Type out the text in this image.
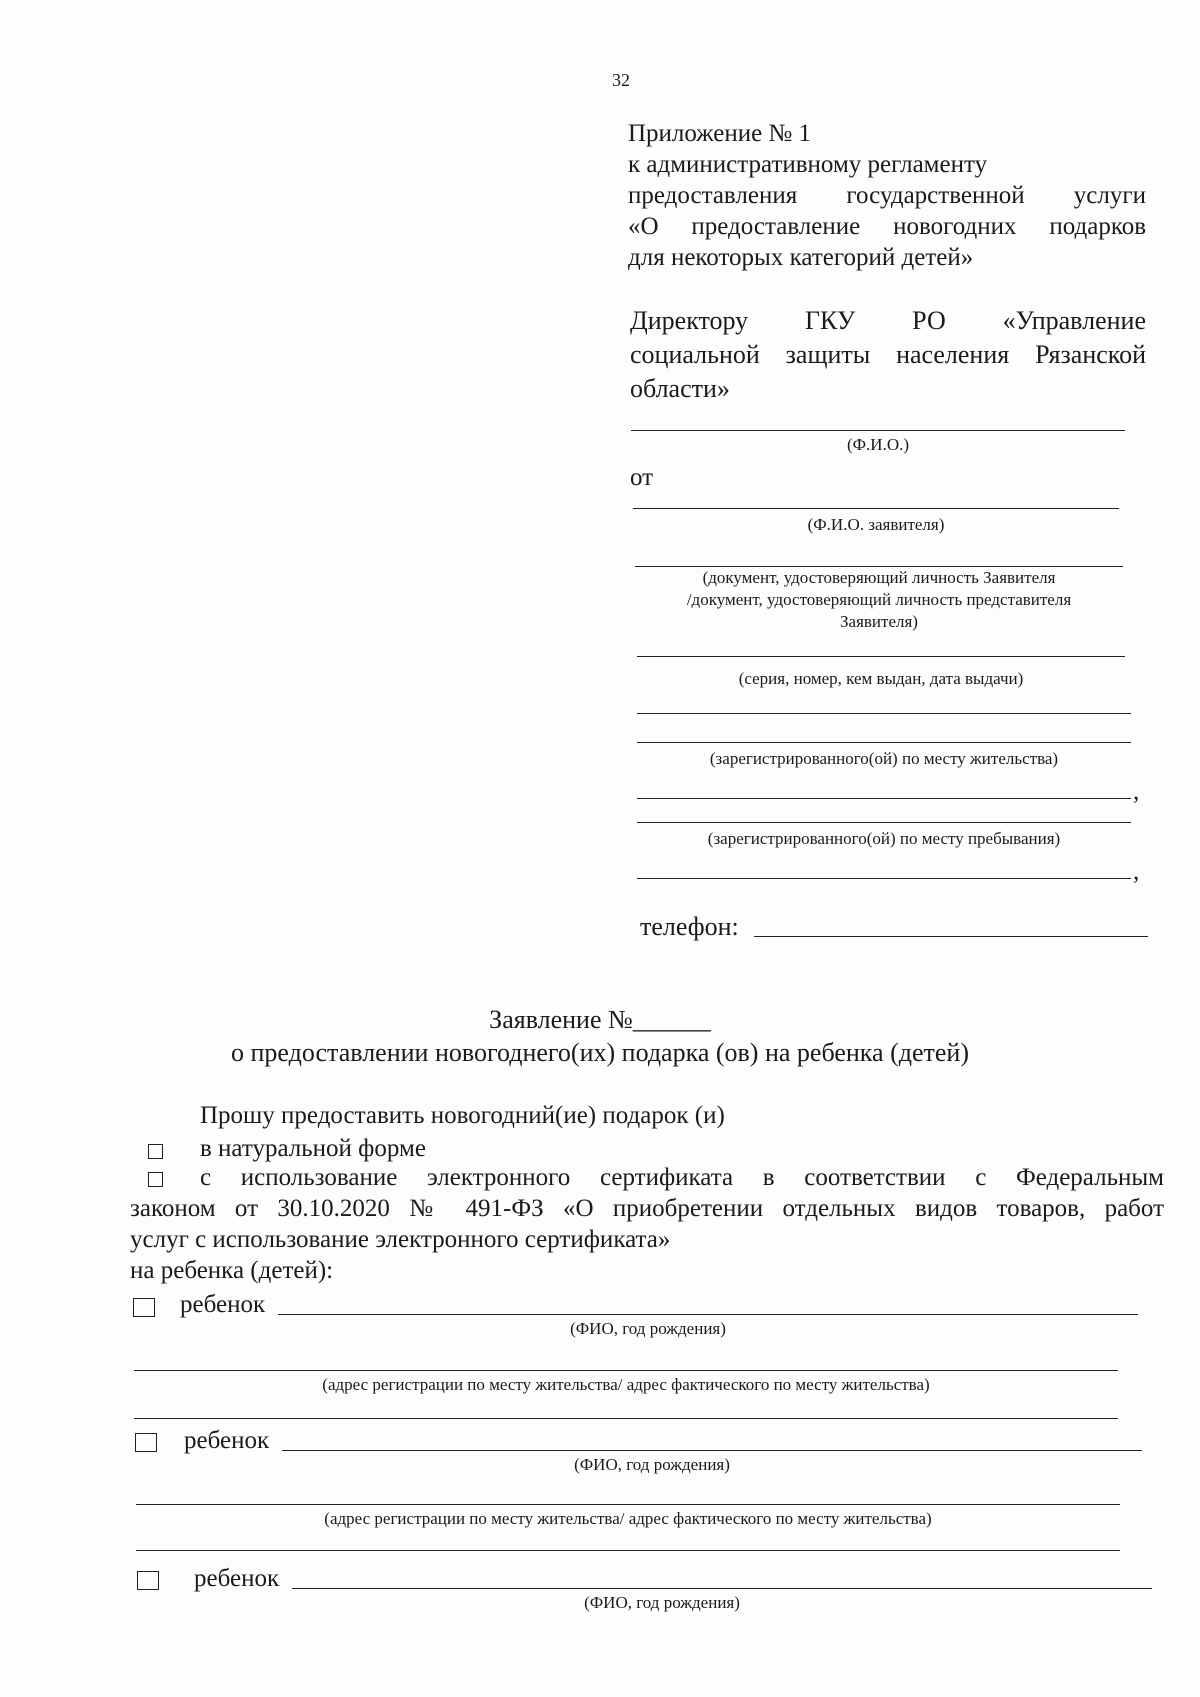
32
Приложение № 1
к административному регламенту
предоставления государственной услуги
«О предоставление новогодних подарков
для некоторых категорий детей»
Директору ГКУ РО «Управление
социальной защиты населения Рязанской
области»
(Ф.И.О.)
от
(Ф.И.О. заявителя)
(документ, удостоверяющий личность Заявителя
/документ, удостоверяющий личность представителя
Заявителя)
(серия, номер, кем выдан, дата выдачи)
(зарегистрированного(ой) по месту жительства)
,
(зарегистрированного(ой) по месту пребывания)
,
телефон:
Заявление №______
о предоставлении новогоднего(их) подарка (ов) на ребенка (детей)
Прошу предоставить новогодний(ие) подарок (и)
в натуральной форме
с использование электронного сертификата в соответствии с Федеральным
законом от 30.10.2020 № 491-ФЗ «О приобретении отдельных видов товаров, работ
услуг с использование электронного сертификата»
на ребенка (детей):
ребенок
(ФИО, год рождения)
(адрес регистрации по месту жительства/ адрес фактического по месту жительства)
ребенок
(ФИО, год рождения)
(адрес регистрации по месту жительства/ адрес фактического по месту жительства)
ребенок
(ФИО, год рождения)
